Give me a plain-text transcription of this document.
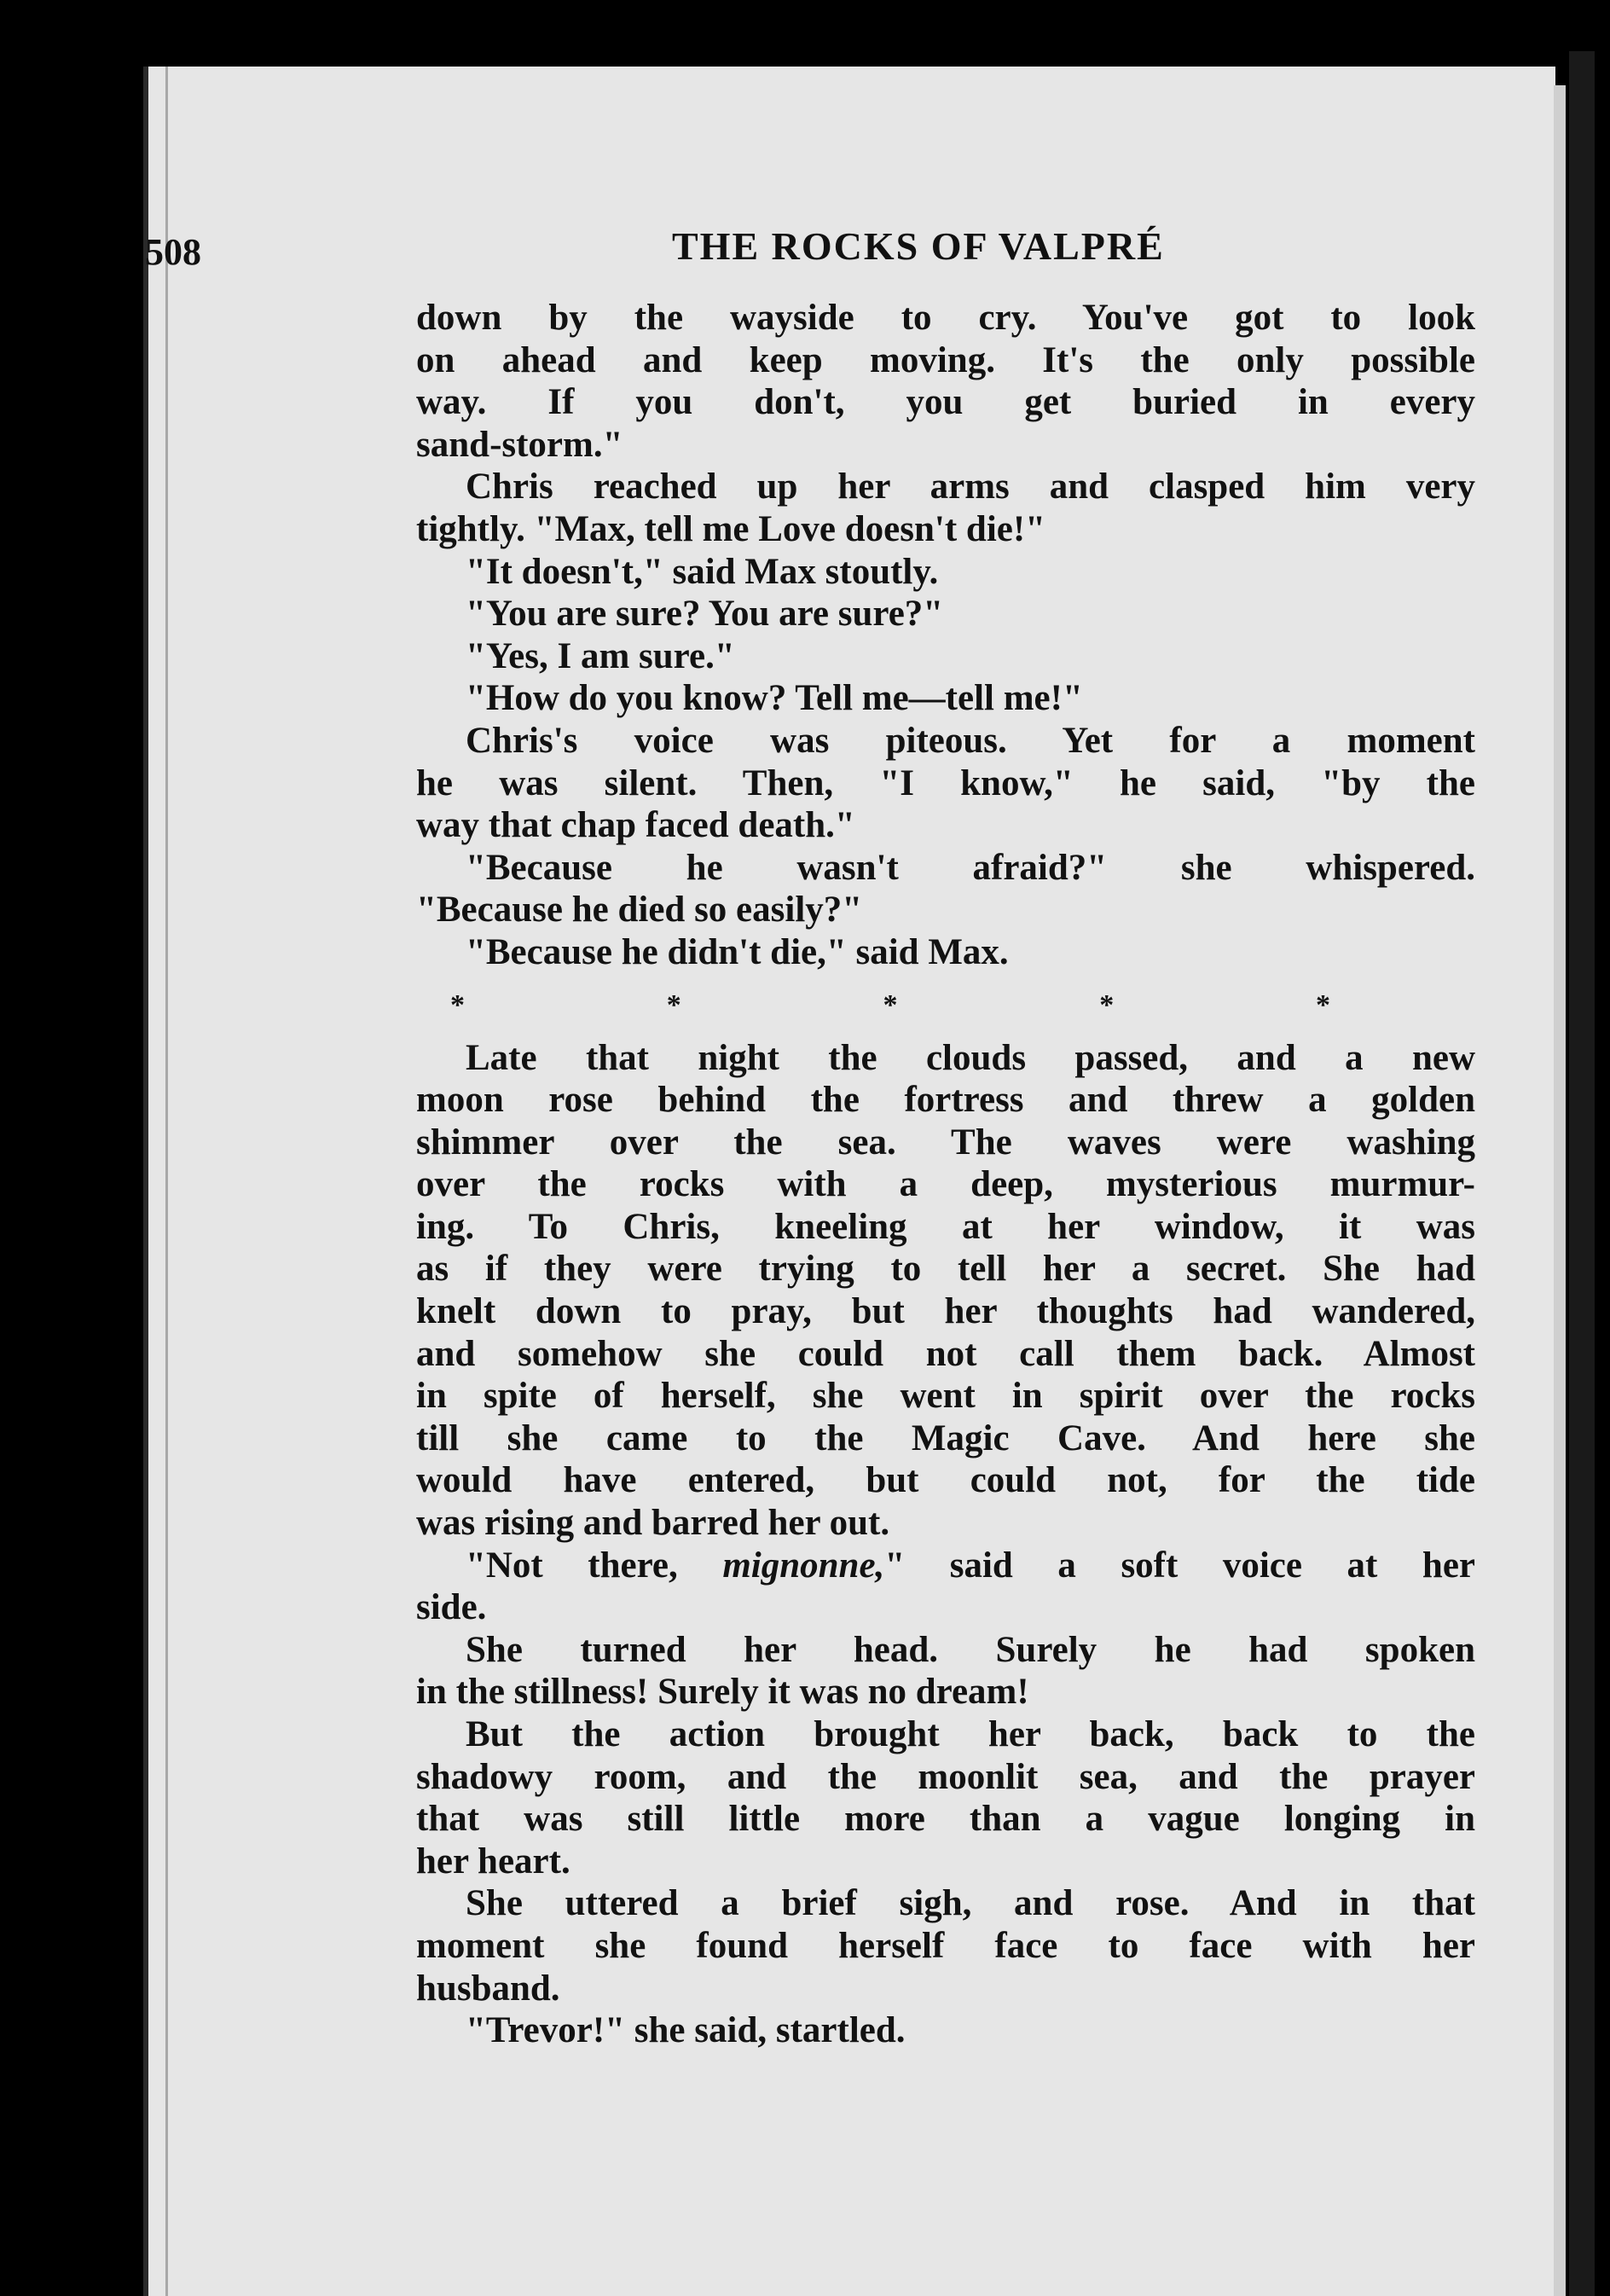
508	THE ROCKS OF VALPRÉ
down by the wayside to cry. You've got to look
on ahead and keep moving. It's the only possible
way. If you don't, you get buried in every
sand-storm."
Chris reached up her arms and clasped him very
tightly. "Max, tell me Love doesn't die!"
"It doesn't," said Max stoutly.
"You are sure? You are sure?"
"Yes, I am sure."
"How do you know? Tell me—tell me!"
Chris's voice was piteous. Yet for a moment
he was silent. Then, "I know," he said, "by the
way that chap faced death."
"Because he wasn't afraid?" she whispered.
"Because he died so easily?"
"Because he didn't die," said Max.
*	*	*	*	*
Late that night the clouds passed, and a new
moon rose behind the fortress and threw a golden
shimmer over the sea. The waves were washing
over the rocks with a deep, mysterious murmur-
ing. To Chris, kneeling at her window, it was
as if they were trying to tell her a secret. She had
knelt down to pray, but her thoughts had wandered,
and somehow she could not call them back. Almost
in spite of herself, she went in spirit over the rocks
till she came to the Magic Cave. And here she
would have entered, but could not, for the tide
was rising and barred her out.
"Not there, mignonne," said a soft voice at her
side.
She turned her head. Surely he had spoken
in the stillness! Surely it was no dream!
But the action brought her back, back to the
shadowy room, and the moonlit sea, and the prayer
that was still little more than a vague longing in
her heart.
She uttered a brief sigh, and rose. And in that
moment she found herself face to face with her
husband.
"Trevor!" she said, startled.
